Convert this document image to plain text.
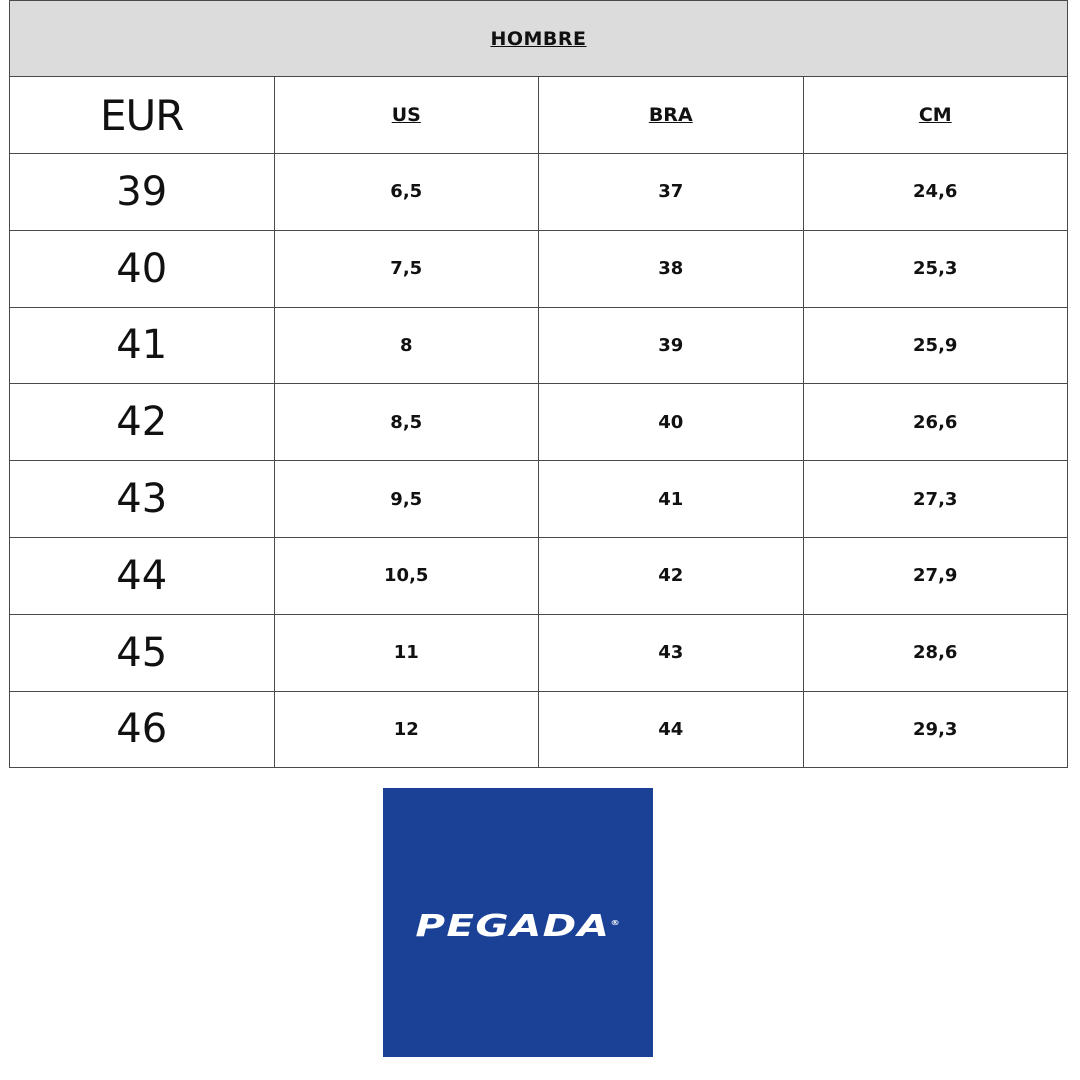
HOMBRE			
EUR	US	BRA	CM
39	6,5	37	24,6
40	7,5	38	25,3
41	8	39	25,9
42	8,5	40	26,6
43	9,5	41	27,3
44	10,5	42	27,9
45	11	43	28,6
46	12	44	29,3
PEGADA®
